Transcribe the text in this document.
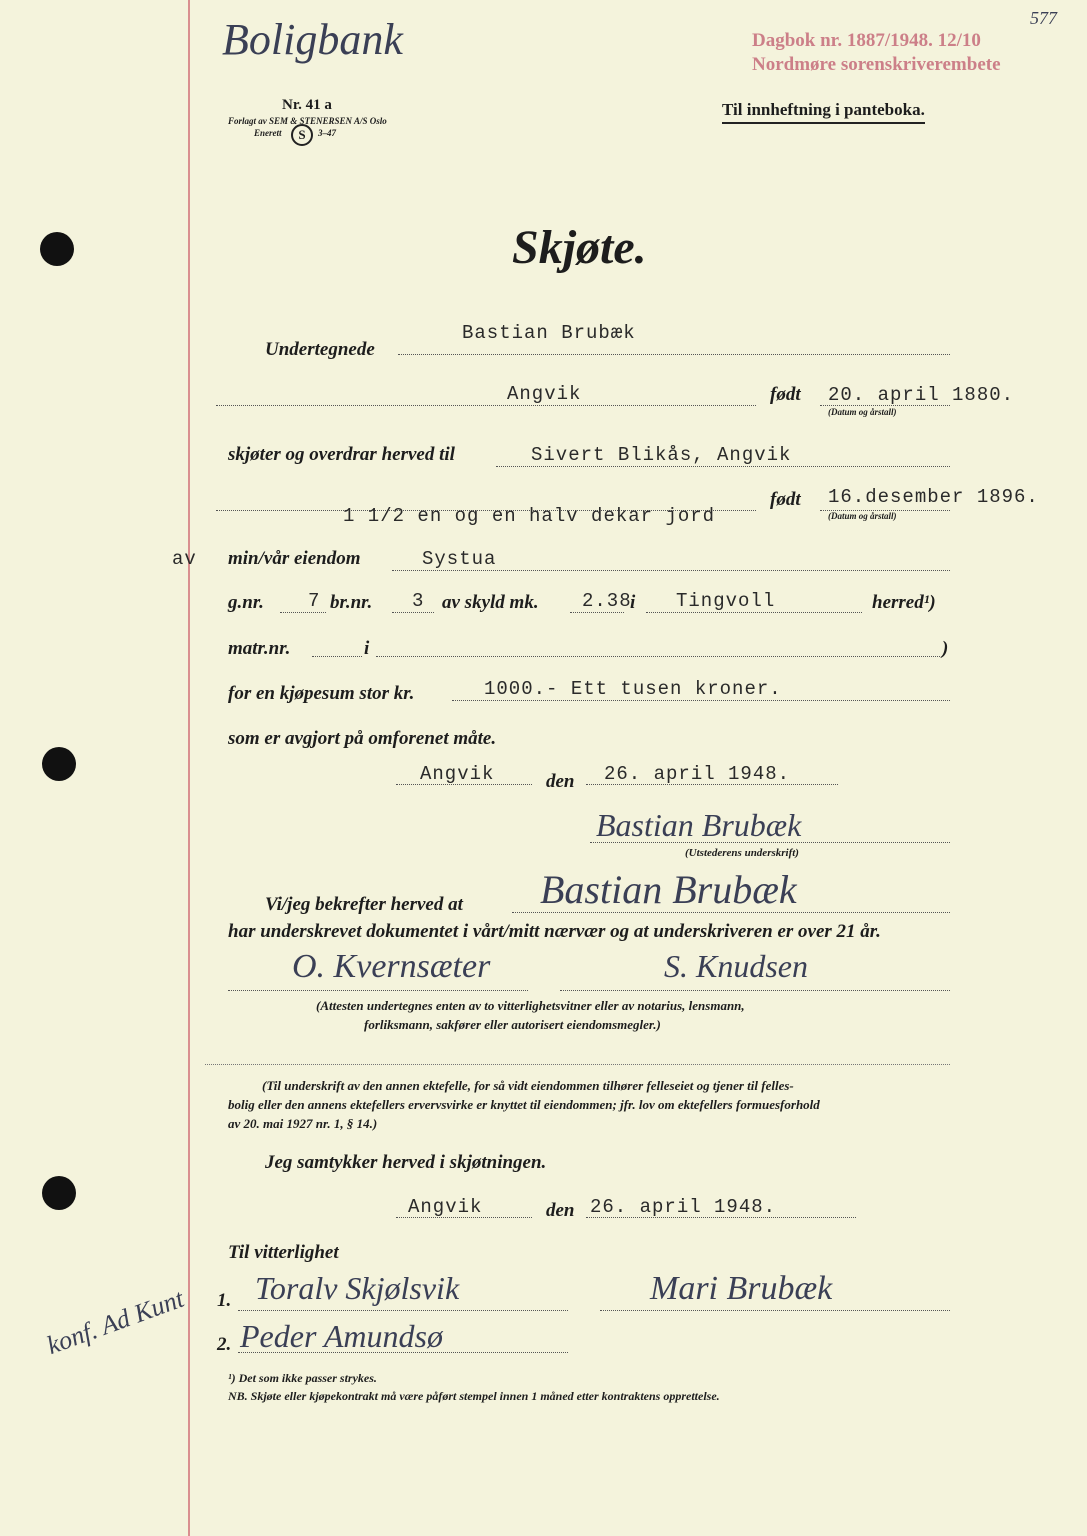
Boligbank	Dagbok nr. 1887/1948. 12/10
Nordmøre sorenskriverembete
577
Nr. 41 a
Forlagt av SEM & STENERSEN A/S Oslo
Enerett	S	3–47
Til innheftning i panteboka.
Skjøte.
Undertegnede
Bastian Brubæk
Angvik	født 20. april 1880.
(Datum og årstall)
skjøter og overdrar herved til	Sivert Blikås, Angvik
født 16.desember 1896.
(Datum og årstall)
1 1/2 en og en halv dekar jord
av min/vår eiendom	Systua
g.nr. 7 br.nr. 3 av skyld mk. 2.38
i Tingvoll	herred¹)
matr.nr.	i	)
for en kjøpesum stor kr.	1000.- Ett tusen kroner.
som er avgjort på omforenet måte.
Angvik	den 26. april 1948.
Bastian Brubæk
(Utstederens underskrift)
Vi/jeg bekrefter herved at Bastian Brubæk
har underskrevet dokumentet i vårt/mitt nærvær og at underskriveren er over 21 år.
O. Kvernsæter	S. Knudsen
(Attesten undertegnes enten av to vitterlighetsvitner eller av notarius, lensmann,
forliksmann, sakfører eller autorisert eiendomsmegler.)
(Til underskrift av den annen ektefelle, for så vidt eiendommen tilhører felleseiet og tjener til felles-
bolig eller den annens ektefellers ervervsvirke er knyttet til eiendommen; jfr. lov om ektefellers formuesforhold
av 20. mai 1927 nr. 1, § 14.)
Jeg samtykker herved i skjøtningen.
Angvik	den 26. april 1948.
Til vitterlighet
1. Toralv Skjølsvik	Mari Brubæk
2. Peder Amundsø
¹) Det som ikke passer strykes.
NB. Skjøte eller kjøpekontrakt må være påført stempel innen 1 måned etter kontraktens opprettelse.
konf. Ad Kunt
